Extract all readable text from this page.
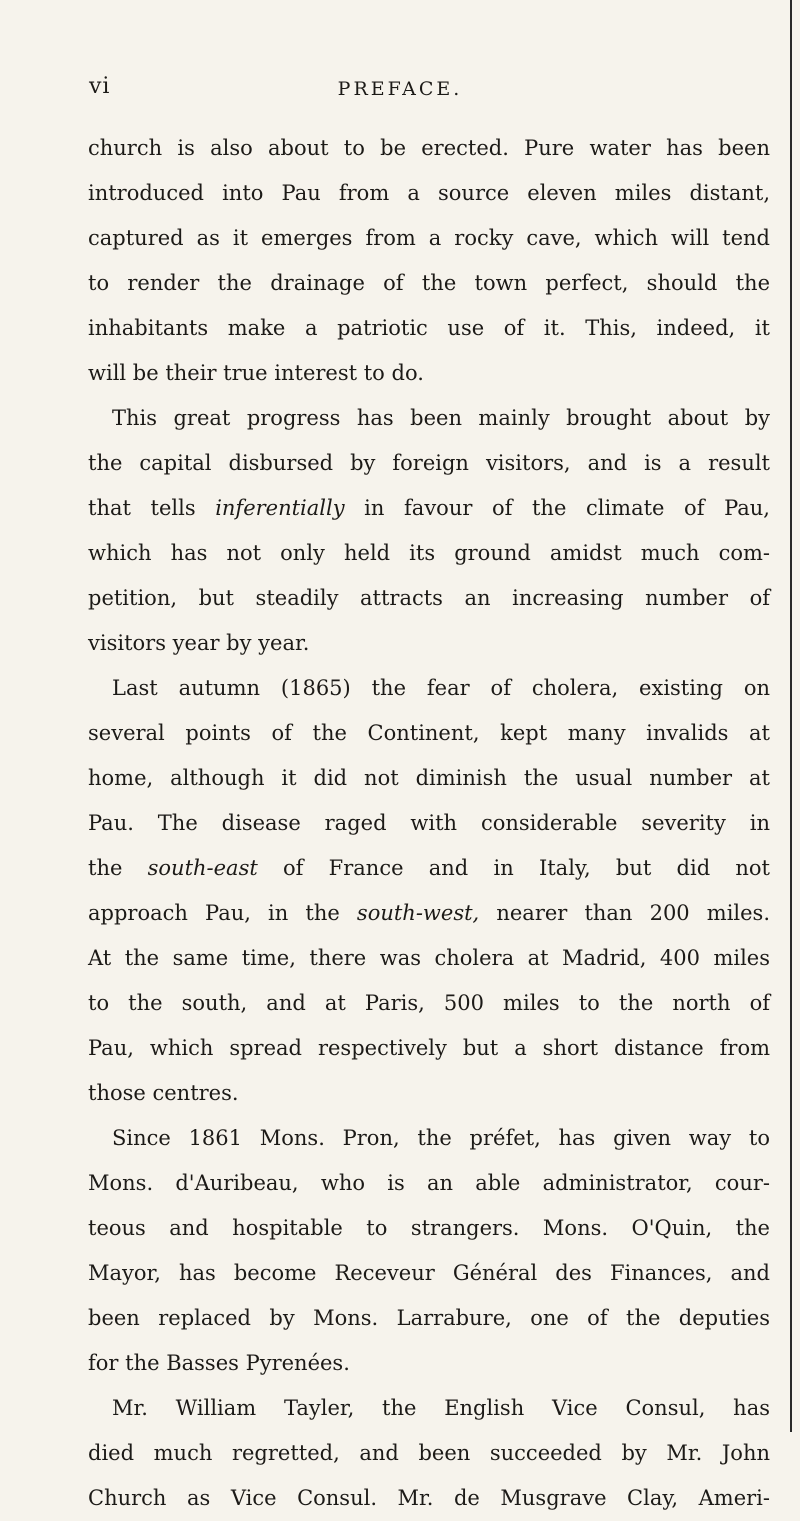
vi	PREFACE.
church is also about to be erected. Pure water has been
introduced into Pau from a source eleven miles distant,
captured as it emerges from a rocky cave, which will tend
to render the drainage of the town perfect, should the
inhabitants make a patriotic use of it. This, indeed, it
will be their true interest to do.
This great progress has been mainly brought about by
the capital disbursed by foreign visitors, and is a result
that tells inferentially in favour of the climate of Pau,
which has not only held its ground amidst much com-
petition, but steadily attracts an increasing number of
visitors year by year.
Last autumn (1865) the fear of cholera, existing on
several points of the Continent, kept many invalids at
home, although it did not diminish the usual number at
Pau. The disease raged with considerable severity in
the south-east of France and in Italy, but did not
approach Pau, in the south-west, nearer than 200 miles.
At the same time, there was cholera at Madrid, 400 miles
to the south, and at Paris, 500 miles to the north of
Pau, which spread respectively but a short distance from
those centres.
Since 1861 Mons. Pron, the préfet, has given way to
Mons. d'Auribeau, who is an able administrator, cour-
teous and hospitable to strangers. Mons. O'Quin, the
Mayor, has become Receveur Général des Finances, and
been replaced by Mons. Larrabure, one of the deputies
for the Basses Pyrenées.
Mr. William Tayler, the English Vice Consul, has
died much regretted, and been succeeded by Mr. John
Church as Vice Consul. Mr. de Musgrave Clay, Ameri-
